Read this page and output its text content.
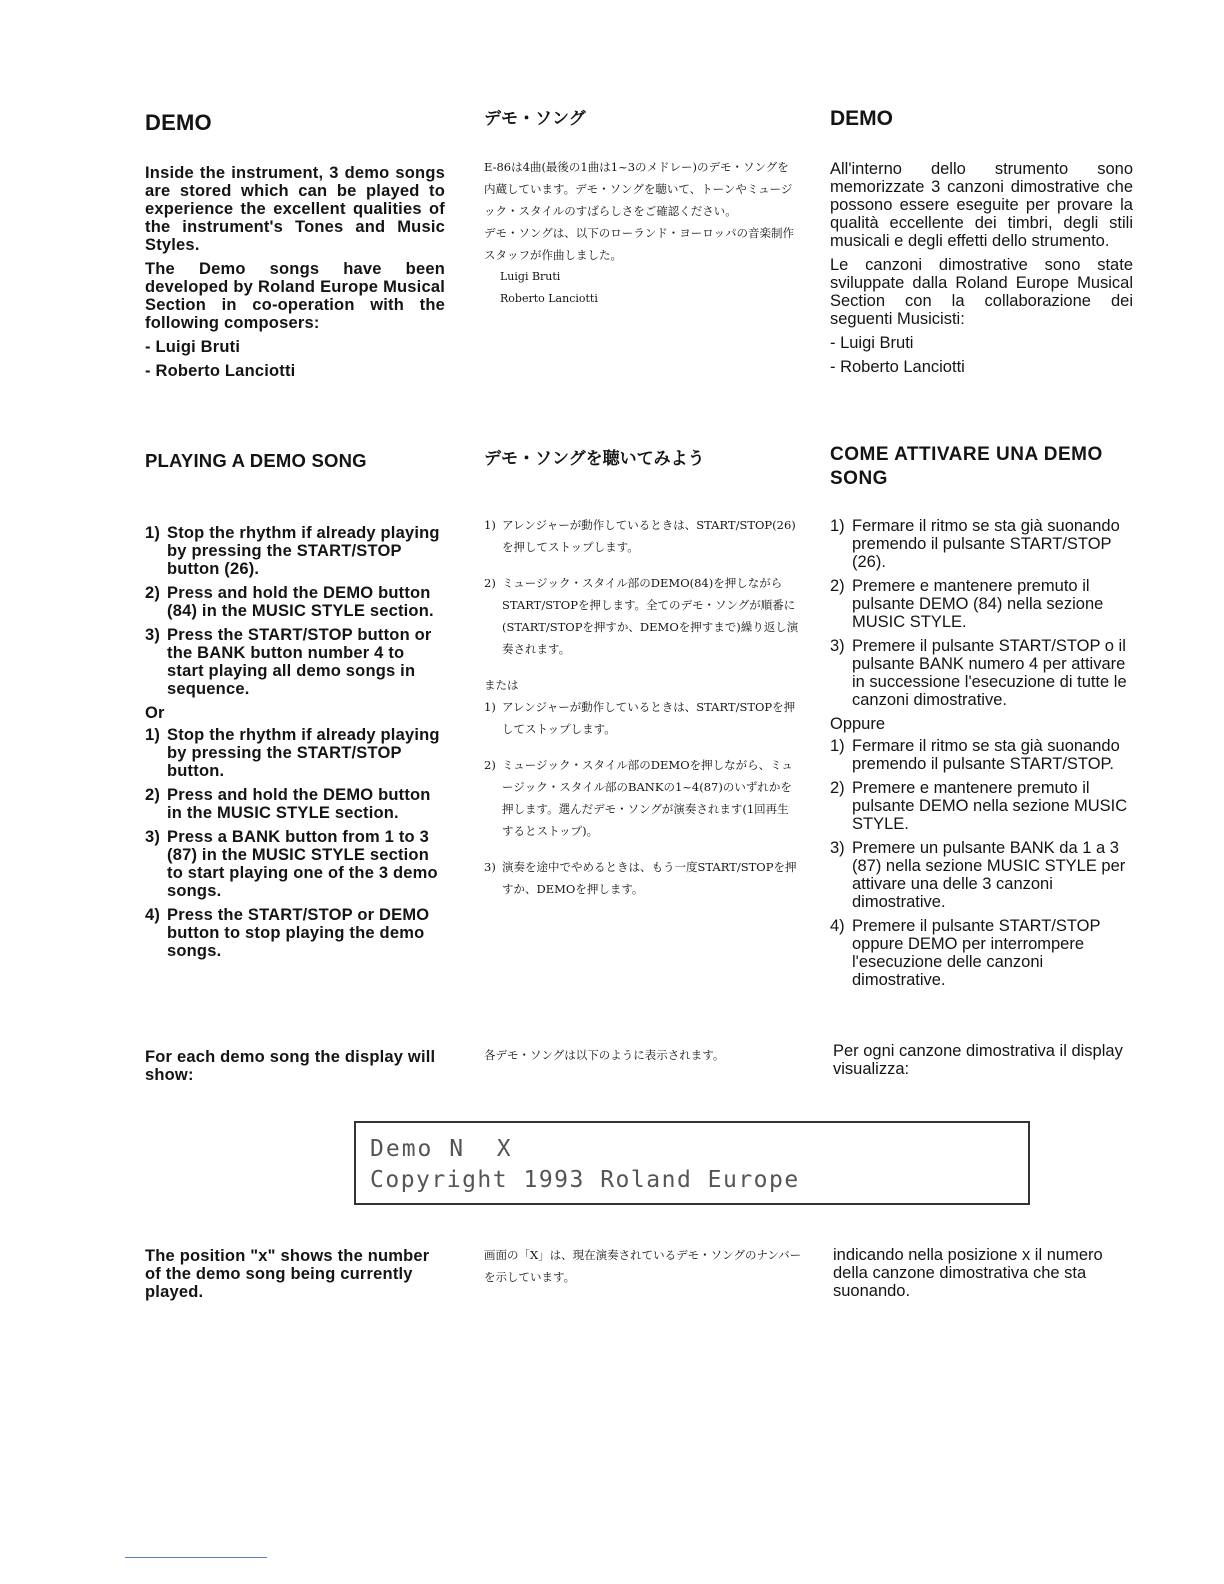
DEMO

Inside the instrument, 3 demo songs are stored which can be played to experience the excellent qualities of the instrument's Tones and Music Styles.

The Demo songs have been developed by Roland Europe Musical Section in co-operation with the following composers:

- Luigi Bruti

- Roberto Lanciotti

デモ・ソング

E-86は4曲(最後の1曲は1~3のメドレー)のデモ・ソングを内蔵しています。デモ・ソングを聴いて、トーンやミュージック・スタイルのすばらしさをご確認ください。

デモ・ソングは、以下のローランド・ヨーロッパの音楽制作スタッフが作曲しました。

Luigi Bruti

Roberto Lanciotti

DEMO

All'interno dello strumento sono memorizzate 3 canzoni dimostrative che possono essere eseguite per provare la qualità eccellente dei timbri, degli stili musicali e degli effetti dello strumento.

Le canzoni dimostrative sono state sviluppate dalla Roland Europe Musical Section con la collaborazione dei seguenti Musicisti:

- Luigi Bruti

- Roberto Lanciotti

PLAYING A DEMO SONG
1) Stop the rhythm if already playing by pressing the START/STOP button (26).
2) Press and hold the DEMO button (84) in the MUSIC STYLE section.
3) Press the START/STOP button or the BANK button number 4 to start playing all demo songs in sequence.

Or

1) Stop the rhythm if already playing by pressing the START/STOP button.
2) Press and hold the DEMO button in the MUSIC STYLE section.
3) Press a BANK button from 1 to 3 (87) in the MUSIC STYLE section to start playing one of the 3 demo songs.
4) Press the START/STOP or DEMO button to stop playing the demo songs.
デモ・ソングを聴いてみよう
1) アレンジャーが動作しているときは、START/STOP(26)を押してストップします。
2) ミュージック・スタイル部のDEMO(84)を押しながらSTART/STOPを押します。全てのデモ・ソングが順番に(START/STOPを押すか、DEMOを押すまで)繰り返し演奏されます。

または

1) アレンジャーが動作しているときは、START/STOPを押してストップします。
2) ミュージック・スタイル部のDEMOを押しながら、ミュージック・スタイル部のBANKの1~4(87)のいずれかを押します。選んだデモ・ソングが演奏されます(1回再生するとストップ)。
3) 演奏を途中でやめるときは、もう一度START/STOPを押すか、DEMOを押します。
COME ATTIVARE UNA DEMO SONG
1) Fermare il ritmo se sta già suonando premendo il pulsante START/STOP (26).
2) Premere e mantenere premuto il pulsante DEMO (84) nella sezione MUSIC STYLE.
3) Premere il pulsante START/STOP o il pulsante BANK numero 4 per attivare in successione l'esecuzione di tutte le canzoni dimostrative.

Oppure

1) Fermare il ritmo se sta già suonando premendo il pulsante START/STOP.
2) Premere e mantenere premuto il pulsante DEMO nella sezione MUSIC STYLE.
3) Premere un pulsante BANK da 1 a 3 (87) nella sezione MUSIC STYLE per attivare una delle 3 canzoni dimostrative.
4) Premere il pulsante START/STOP oppure DEMO per interrompere l'esecuzione delle canzoni dimostrative.
For each demo song the display will show:
各デモ・ソングは以下のように表示されます。	Per ogni canzone dimostrativa il display visualizza:
Demo N  X
Copyright 1993 Roland Europe
The position "x" shows the number of the demo song being currently played.
画面の「X」は、現在演奏されているデモ・ソングのナンバーを示しています。
indicando nella posizione x il numero della canzone dimostrativa che sta suonando.
